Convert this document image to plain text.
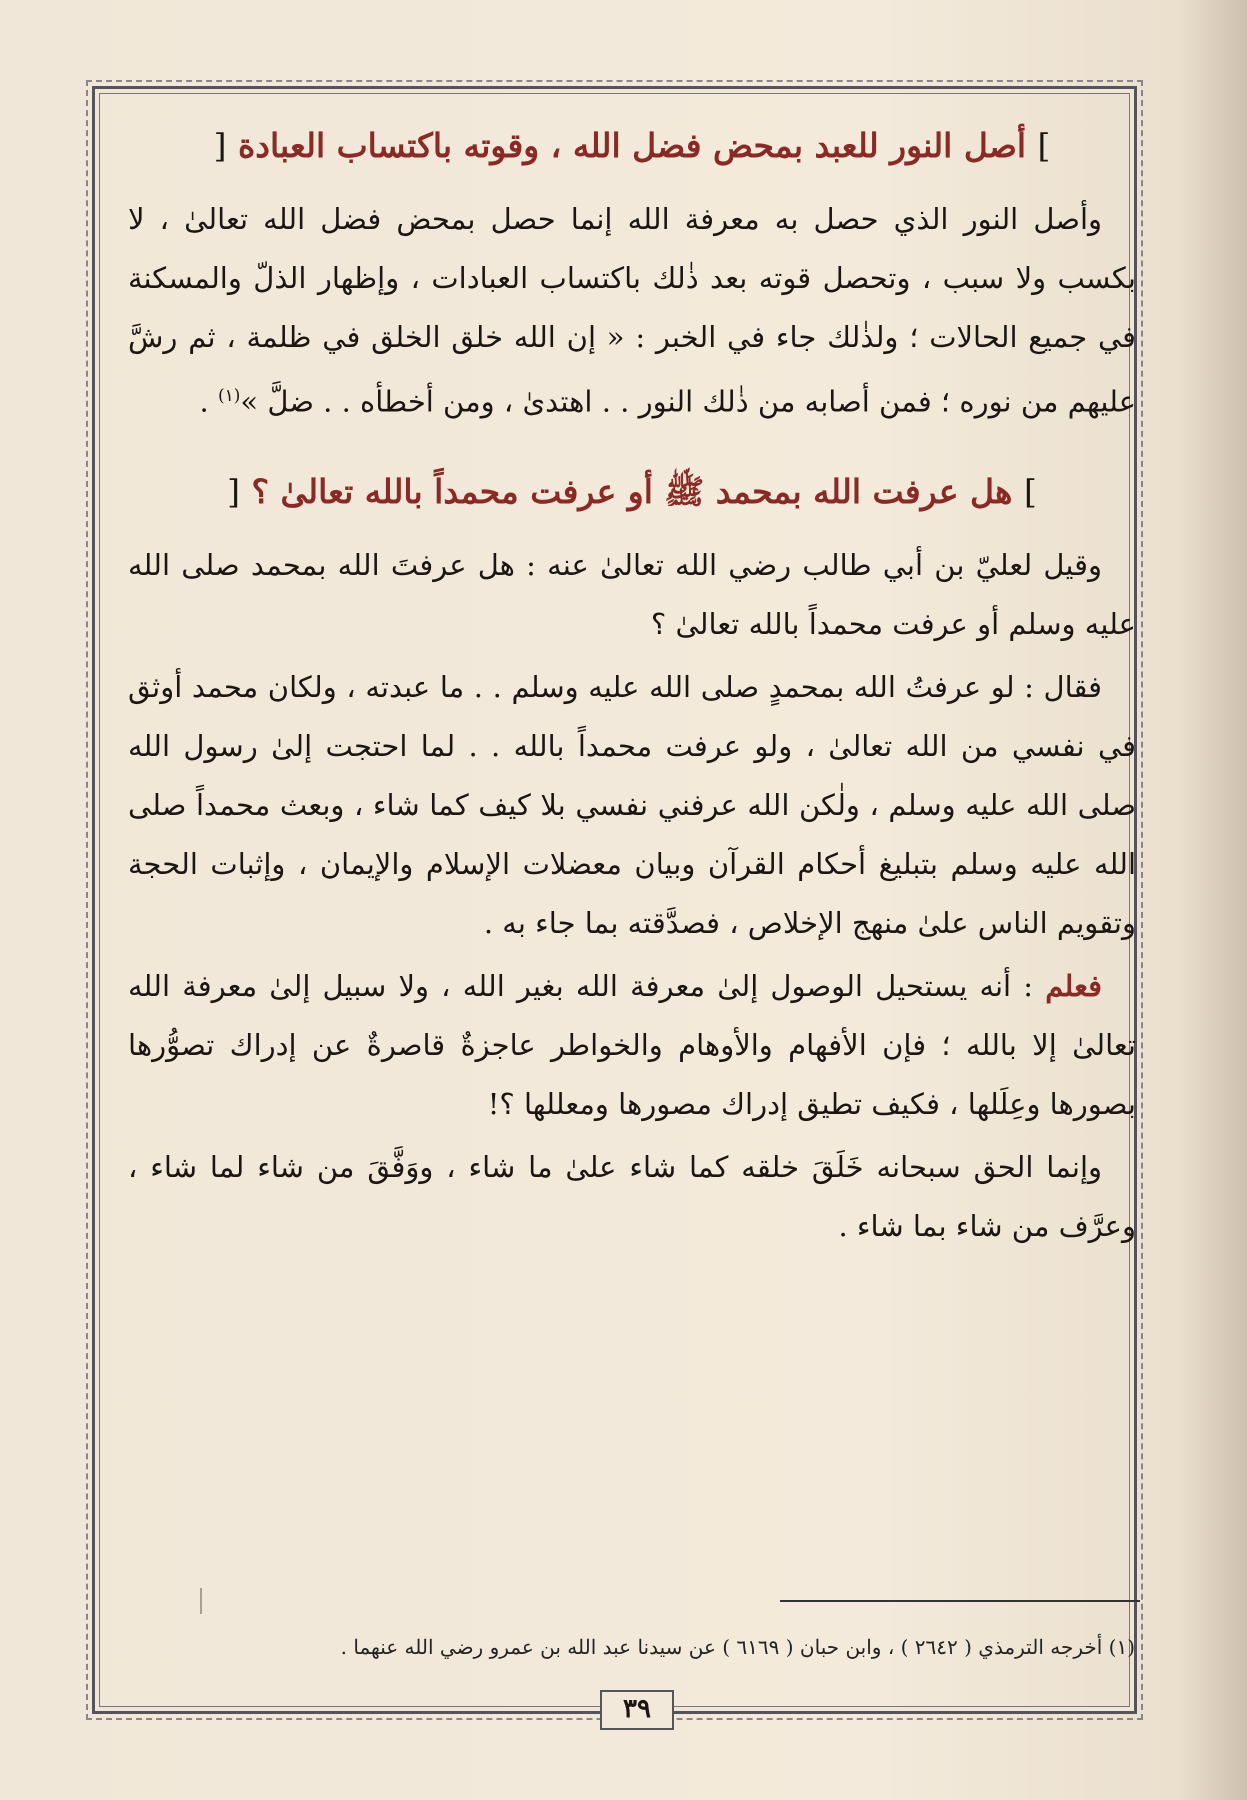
] أصل النور للعبد بمحض فضل الله ، وقوته باكتساب العبادة [

وأصل النور الذي حصل به معرفة الله إنما حصل بمحض فضل الله تعالىٰ ، لا بكسب ولا سبب ، وتحصل قوته بعد ذٰلك باكتساب العبادات ، وإظهار الذلّ والمسكنة في جميع الحالات ؛ ولذٰلك جاء في الخبر : « إن الله خلق الخلق في ظلمة ، ثم رشَّ عليهم من نوره ؛ فمن أصابه من ذٰلك النور . . اهتدىٰ ، ومن أخطأه . . ضلَّ »$^{(١)}$ .

] هل عرفت الله بمحمد ﷺ أو عرفت محمداً بالله تعالىٰ ؟ [

وقيل لعليّ بن أبي طالب رضي الله تعالىٰ عنه : هل عرفتَ الله بمحمد صلى الله عليه وسلم أو عرفت محمداً بالله تعالىٰ ؟

فقال : لو عرفتُ الله بمحمدٍ صلى الله عليه وسلم . . ما عبدته ، ولكان محمد أوثق في نفسي من الله تعالىٰ ، ولو عرفت محمداً بالله . . لما احتجت إلىٰ رسول الله صلى الله عليه وسلم ، ولٰكن الله عرفني نفسي بلا كيف كما شاء ، وبعث محمداً صلى الله عليه وسلم بتبليغ أحكام القرآن وبيان معضلات الإسلام والإيمان ، وإثبات الحجة وتقويم الناس علىٰ منهج الإخلاص ، فصدَّقته بما جاء به .

فعلم : أنه يستحيل الوصول إلىٰ معرفة الله بغير الله ، ولا سبيل إلىٰ معرفة الله تعالىٰ إلا بالله ؛ فإن الأفهام والأوهام والخواطر عاجزةٌ قاصرةٌ عن إدراك تصوُّرها بصورها وعِلَلها ، فكيف تطيق إدراك مصورها ومعللها ؟!

وإنما الحق سبحانه خَلَقَ خلقه كما شاء علىٰ ما شاء ، ووَفَّقَ من شاء لما شاء ، وعرَّف من شاء بما شاء .

(١) أخرجه الترمذي ( ٢٦٤٢ ) ، وابن حبان ( ٦١٦٩ ) عن سيدنا عبد الله بن عمرو رضي الله عنهما .
٣٩
